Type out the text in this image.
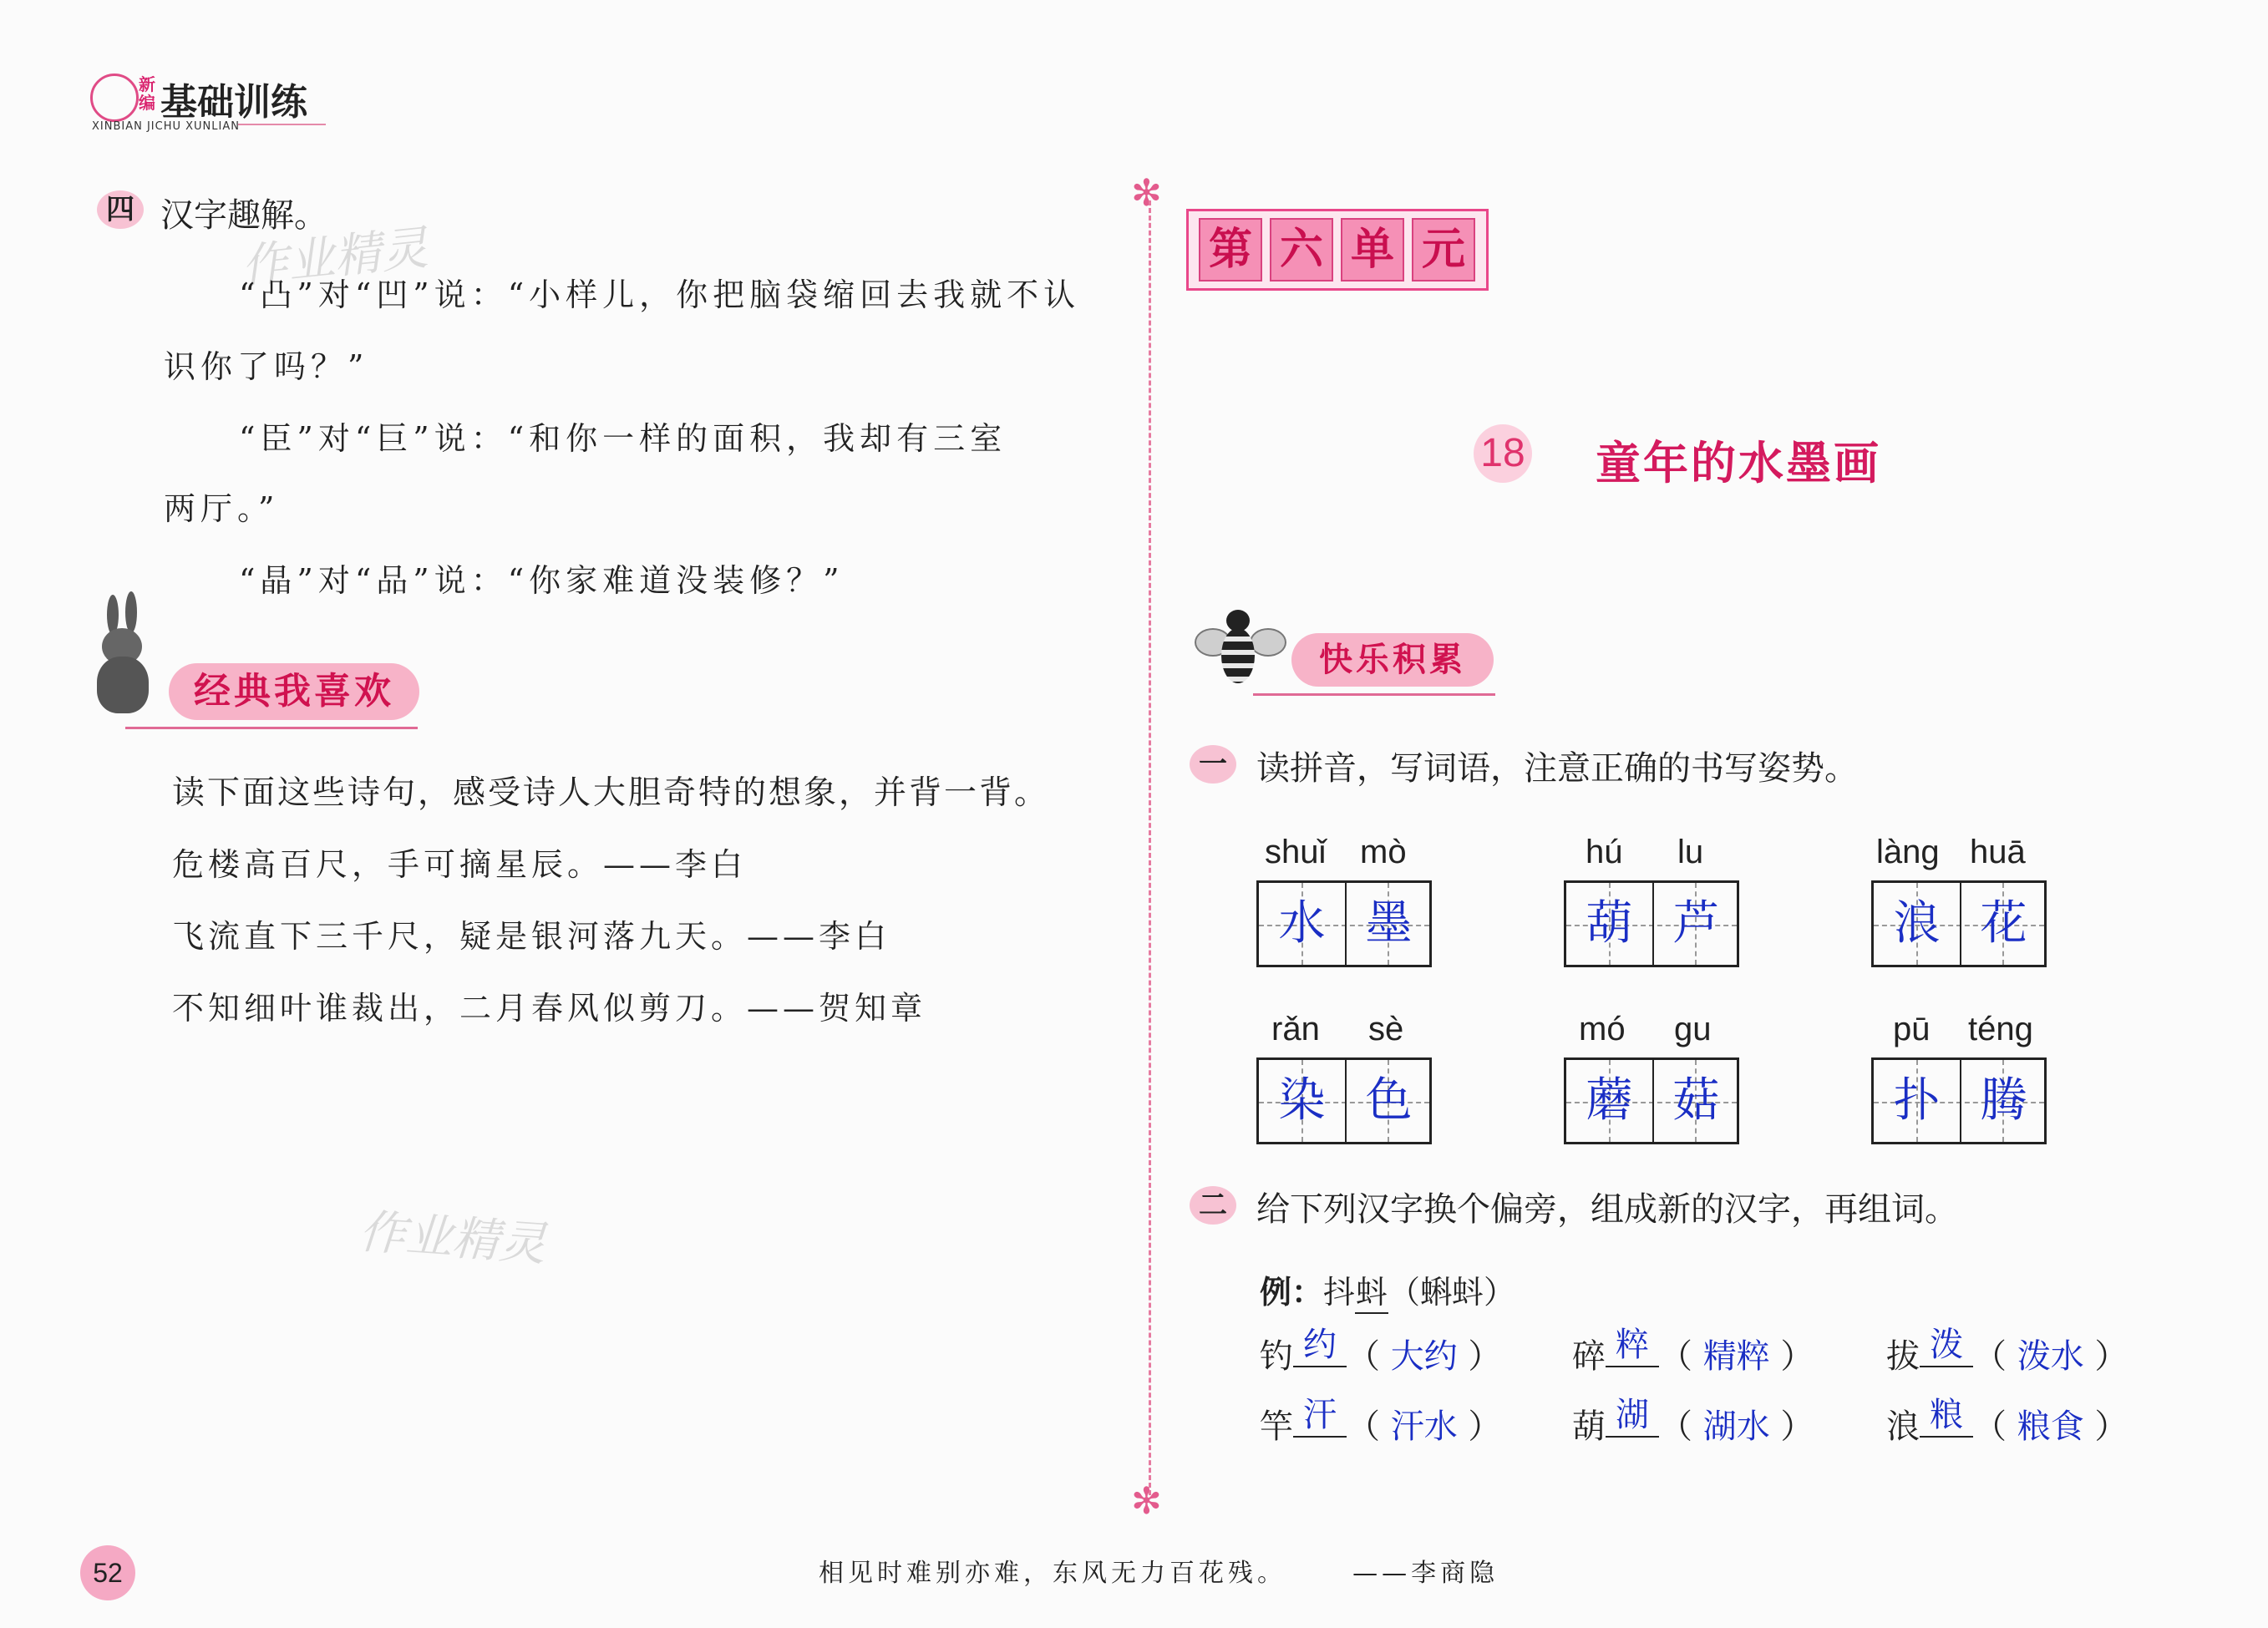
新编 基础训练
XINBIAN JICHU XUNLIAN
四 汉字趣解。
作业精灵
“凸”对“凹”说：“小样儿，你把脑袋缩回去我就不认
识你了吗？”
“臣”对“巨”说：“和你一样的面积，我却有三室
两厅。”
“晶”对“品”说：“你家难道没装修？”
经典我喜欢
读下面这些诗句，感受诗人大胆奇特的想象，并背一背。
危楼高百尺，手可摘星辰。——李白
飞流直下三千尺，疑是银河落九天。——李白
不知细叶谁裁出，二月春风似剪刀。——贺知章
作业精灵
✻
✻
第 六 单 元
18 童年的水墨画
快乐积累
一 读拼音，写词语，注意正确的书写姿势。
shuǐ mò	hú lu	làng huā
水 墨	葫 芦	浪 花
rǎn sè	mó gu	pū téng
染 色	蘑 菇	扑 腾
二 给下列汉字换个偏旁，组成新的汉字，再组词。
例：抖蚪（蝌蚪）
钓 约 （ 大约 ） 碎 粹 （ 精粹 ） 拔 泼 （ 泼水 ）
竿 汗 （ 汗水 ） 葫 湖 （ 湖水 ） 浪 粮 （ 粮食 ）
52	相见时难别亦难，东风无力百花残。	——李商隐
